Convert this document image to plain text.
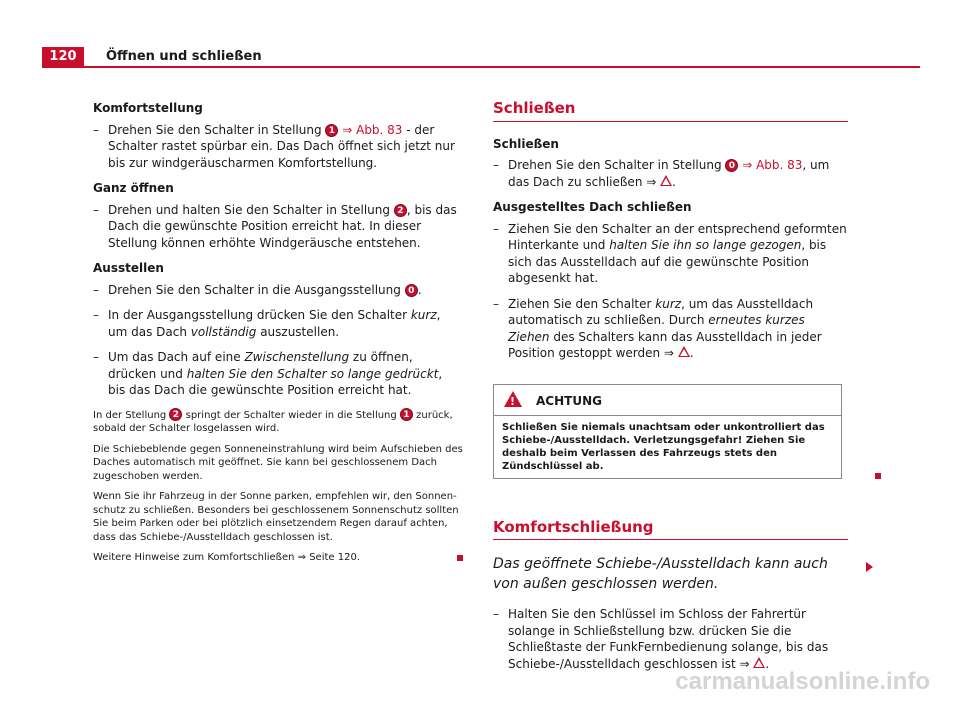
120	Öffnen und schließen

Komfortstellung

– Drehen Sie den Schalter in Stellung 1 ⇒ Abb. 83 - der Schalter rastet spürbar ein. Das Dach öffnet sich jetzt nur bis zur windgeräuscharmen Komfortstellung.

Ganz öffnen

– Drehen und halten Sie den Schalter in Stellung 2 , bis das Dach die gewünschte Position erreicht hat. In dieser Stellung können erhöhte Windgeräusche entstehen.

Ausstellen

– Drehen Sie den Schalter in die Ausgangsstellung 0 .

– In der Ausgangsstellung drücken Sie den Schalter kurz, um das Dach vollständig auszustellen.

– Um das Dach auf eine Zwischenstellung zu öffnen, drücken und halten Sie den Schalter so lange gedrückt, bis das Dach die gewünschte Position erreicht hat.

In der Stellung 2 springt der Schalter wieder in die Stellung 1 zurück, sobald der Schalter losgelassen wird.

Die Schiebeblende gegen Sonneneinstrahlung wird beim Aufschieben des Daches automatisch mit geöffnet. Sie kann bei geschlossenem Dach zugeschoben werden.

Wenn Sie ihr Fahrzeug in der Sonne parken, empfehlen wir, den Sonnenschutz zu schließen. Besonders bei geschlossenem Sonnenschutz sollten Sie beim Parken oder bei plötzlich einsetzendem Regen darauf achten, dass das Schiebe-/Ausstelldach geschlossen ist.

Weitere Hinweise zum Komfortschließen ⇒ Seite 120.

Schließen

Schließen

– Drehen Sie den Schalter in Stellung 0 ⇒ Abb. 83, um das Dach zu schließen ⇒ .

Ausgestelltes Dach schließen

– Ziehen Sie den Schalter an der entsprechend geformten Hinterkante und halten Sie ihn so lange gezogen, bis sich das Ausstelldach auf die gewünschte Position abgesenkt hat.

– Ziehen Sie den Schalter kurz, um das Ausstelldach automatisch zu schließen. Durch erneutes kurzes Ziehen des Schalters kann das Ausstelldach in jeder Position gestoppt werden ⇒ .

!
ACHTUNG
Schließen Sie niemals unachtsam oder unkontrolliert das Schiebe-/Ausstelldach. Verletzungsgefahr! Ziehen Sie deshalb beim Verlassen des Fahrzeugs stets den Zündschlüssel ab.
Komfortschließung

Das geöffnete Schiebe-/Ausstelldach kann auch von außen geschlossen werden.

– Halten Sie den Schlüssel im Schloss der Fahrertür solange in Schließstellung bzw. drücken Sie die Schließtaste der FunkFernbedienung solange, bis das Schiebe-/Ausstelldach geschlossen ist ⇒ .

carmanualsonline.info
